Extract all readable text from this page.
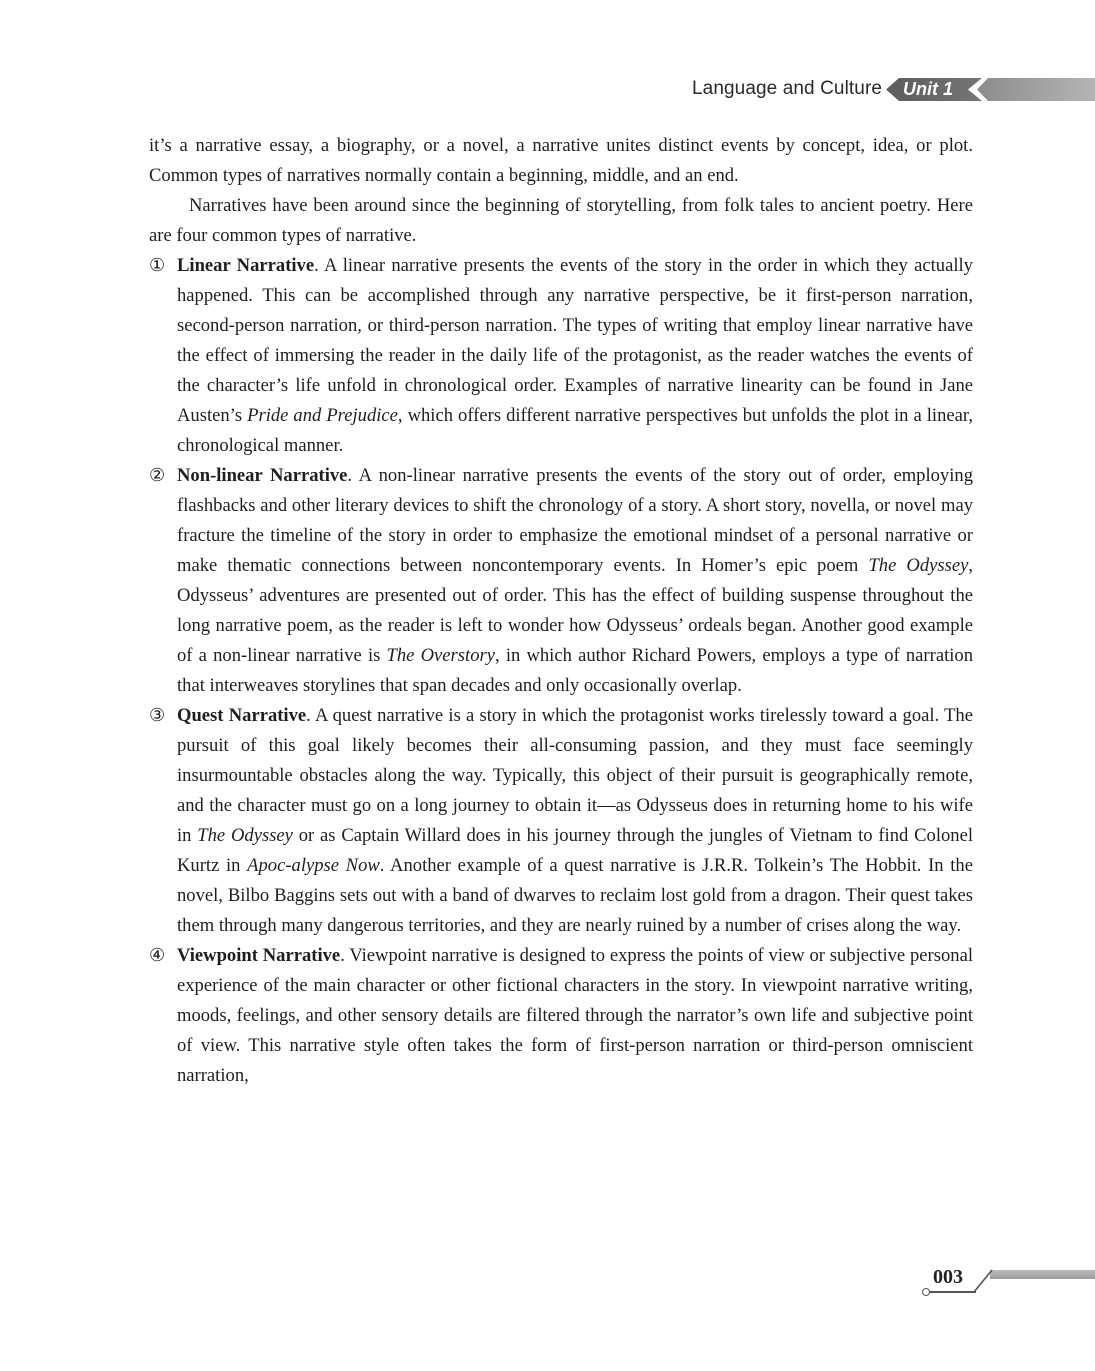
Language and Culture Unit 1

it’s a narrative essay, a biography, or a novel, a narrative unites distinct events by concept, idea, or plot. Common types of narratives normally contain a beginning, middle, and an end.

Narratives have been around since the beginning of storytelling, from folk tales to ancient poetry. Here are four common types of narrative.

① Linear Narrative. A linear narrative presents the events of the story in the order in which they actually happened. This can be accomplished through any narrative perspective, be it first-person narration, second-person narration, or third-person narration. The types of writing that employ linear narrative have the effect of immersing the reader in the daily life of the protagonist, as the reader watches the events of the character’s life unfold in chronological order. Examples of narrative linearity can be found in Jane Austen’s Pride and Prejudice, which offers different narrative perspectives but unfolds the plot in a linear, chronological manner.
② Non-linear Narrative. A non-linear narrative presents the events of the story out of order, employing flashbacks and other literary devices to shift the chronology of a story. A short story, novella, or novel may fracture the timeline of the story in order to emphasize the emotional mindset of a personal narrative or make thematic connections between noncontemporary events. In Homer’s epic poem The Odyssey, Odysseus’ adventures are presented out of order. This has the effect of building suspense throughout the long narrative poem, as the reader is left to wonder how Odysseus’ ordeals began. Another good example of a non-linear narrative is The Overstory, in which author Richard Powers, employs a type of narration that interweaves storylines that span decades and only occasionally overlap.
③ Quest Narrative. A quest narrative is a story in which the protagonist works tirelessly toward a goal. The pursuit of this goal likely becomes their all-consuming passion, and they must face seemingly insurmountable obstacles along the way. Typically, this object of their pursuit is geographically remote, and the character must go on a long journey to obtain it—as Odysseus does in returning home to his wife in The Odyssey or as Captain Willard does in his journey through the jungles of Vietnam to find Colonel Kurtz in Apoc-alypse Now. Another example of a quest narrative is J.R.R. Tolkein’s The Hobbit. In the novel, Bilbo Baggins sets out with a band of dwarves to reclaim lost gold from a dragon. Their quest takes them through many dangerous territories, and they are nearly ruined by a number of crises along the way.
④ Viewpoint Narrative. Viewpoint narrative is designed to express the points of view or subjective personal experience of the main character or other fictional characters in the story. In viewpoint narrative writing, moods, feelings, and other sensory details are filtered through the narrator’s own life and subjective point of view. This narrative style often takes the form of first-person narration or third-person omniscient narration,
003
